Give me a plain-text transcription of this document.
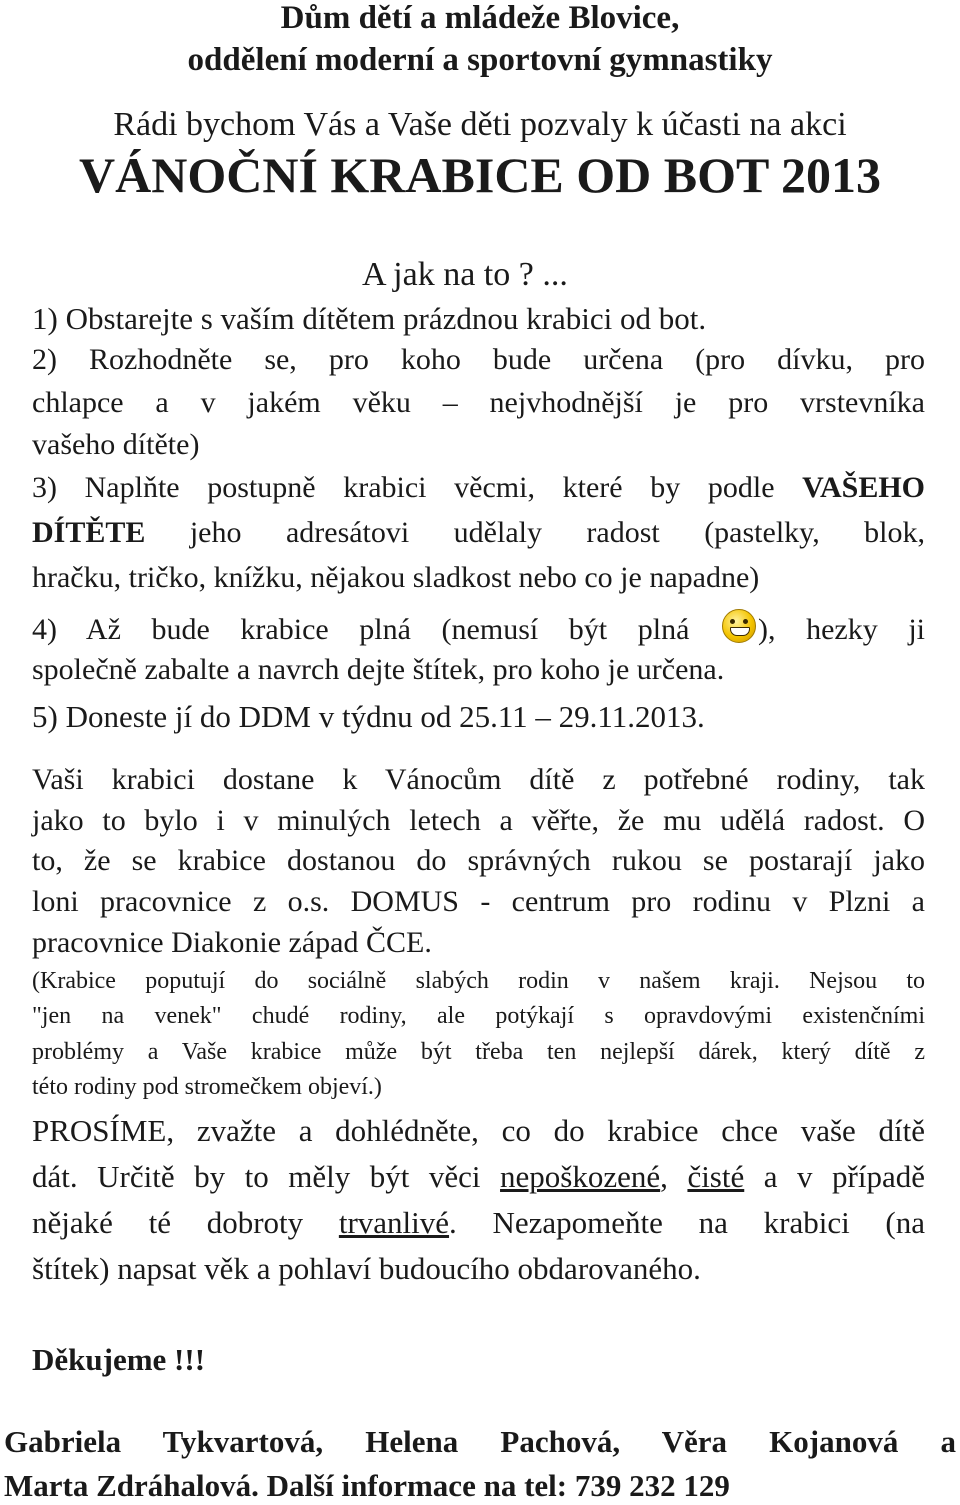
Dům dětí a mládeže Blovice,
oddělení moderní a sportovní gymnastiky
Rádi bychom Vás a Vaše děti pozvaly k účasti na akci
VÁNOČNÍ KRABICE OD BOT 2013
A jak na to ? ...
1) Obstarejte s vaším dítětem prázdnou krabici od bot.
2) Rozhodněte se, pro koho bude určena (pro dívku, pro
chlapce a v jakém věku – nejvhodnější je pro vrstevníka
vašeho dítěte)
3) Naplňte postupně krabici věcmi, které by podle VAŠEHO
DÍTĚTE jeho adresátovi udělaly radost (pastelky, blok,
hračku, tričko, knížku, nějakou sladkost nebo co je napadne)
4) Až bude krabice plná (nemusí být plná ), hezky ji
společně zabalte a navrch dejte štítek, pro koho je určena.
5) Doneste jí do DDM v týdnu od 25.11 – 29.11.2013.
Vaši krabici dostane k Vánocům dítě z potřebné rodiny, tak
jako to bylo i v minulých letech a věřte, že mu udělá radost. O
to, že se krabice dostanou do správných rukou se postarají jako
loni pracovnice z o.s. DOMUS - centrum pro rodinu v Plzni a
pracovnice Diakonie západ ČCE.
(Krabice poputují do sociálně slabých rodin v našem kraji. Nejsou to
"jen na venek" chudé rodiny, ale potýkají s opravdovými existenčními
problémy a Vaše krabice může být třeba ten nejlepší dárek, který dítě z
této rodiny pod stromečkem objeví.)
PROSÍME, zvažte a dohlédněte, co do krabice chce vaše dítě
dát. Určitě by to měly být věci nepoškozené, čisté a v případě
nějaké té dobroty trvanlivé. Nezapomeňte na krabici (na
štítek) napsat věk a pohlaví budoucího obdarovaného.
Děkujeme !!!
Gabriela Tykvartová, Helena Pachová, Věra Kojanová a
Marta Zdráhalová. Další informace na tel: 739 232 129
